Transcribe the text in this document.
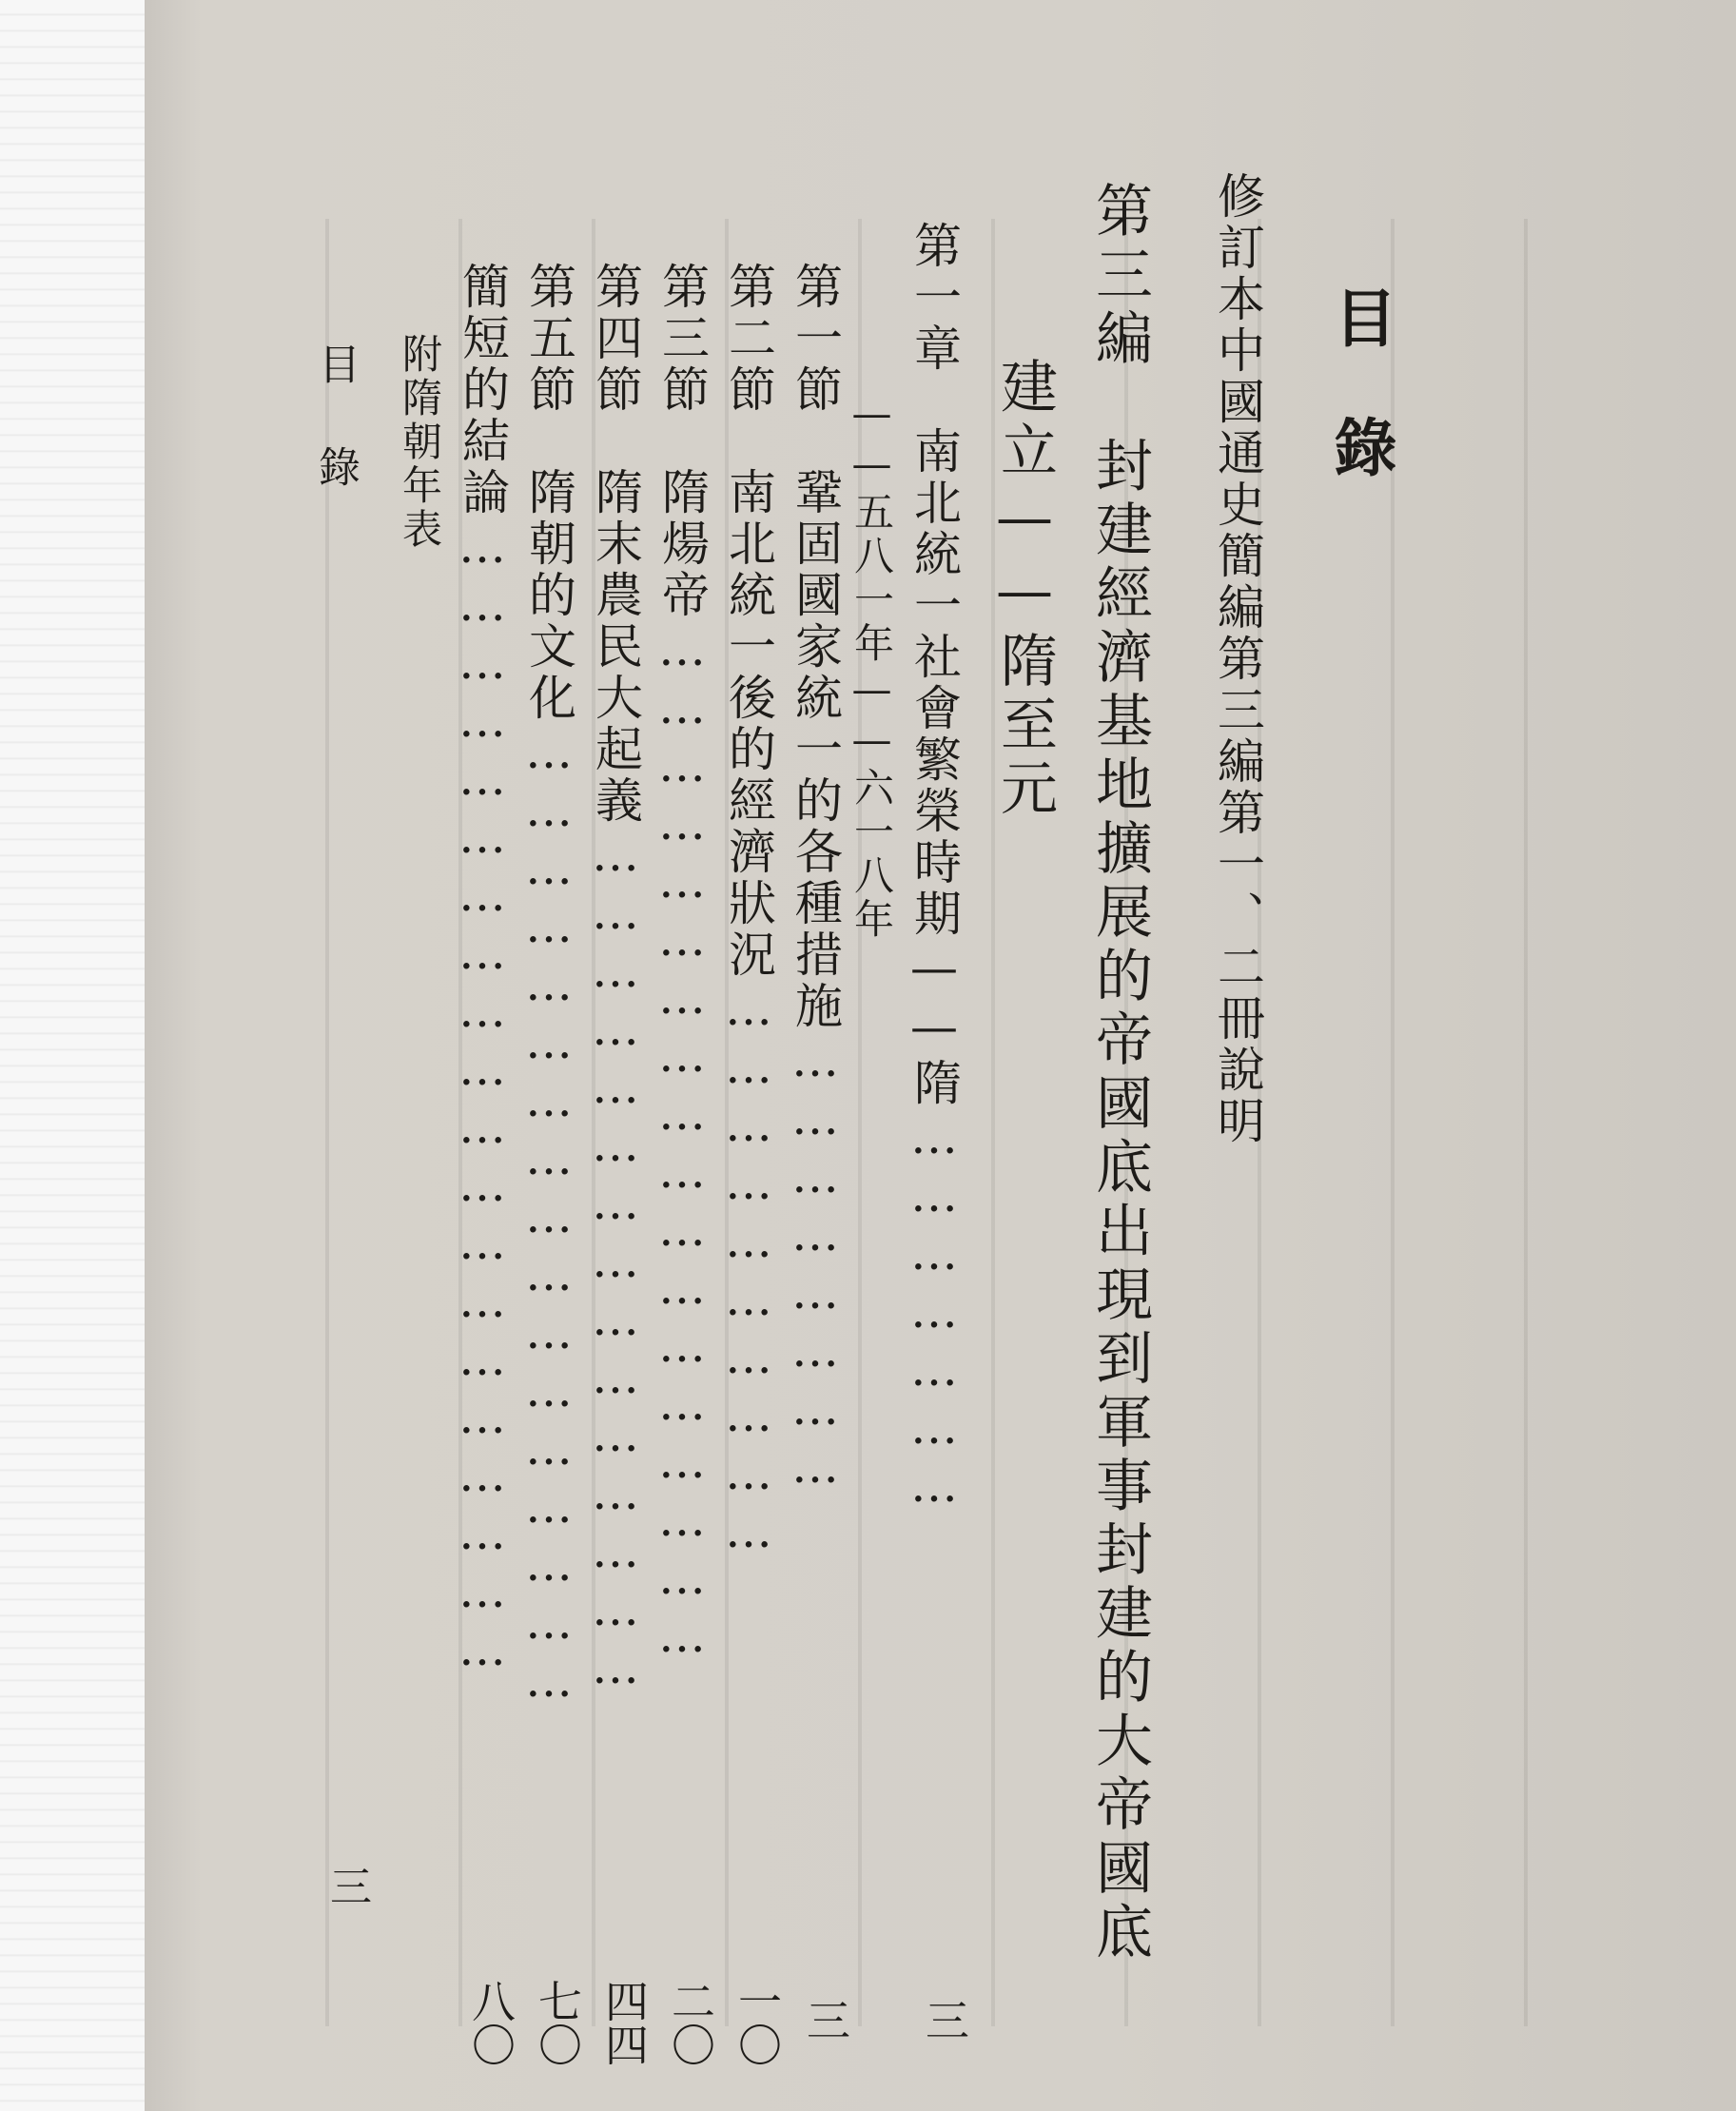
目錄
修訂本中國通史簡編第三編第一、二冊說明
第三編　封建經濟基地擴展的帝國底出現到軍事封建的大帝國底
建立——隋至元
第一章　南北統一社會繁榮時期——隋…………………
三
——五八一年——六一八年
第一節　鞏固國家統一的各種措施……………………
三
第二節　南北統一後的經濟狀況…………………………
一〇
第三節　隋煬帝………………………………………………
二〇
第四節　隋末農民大起義………………………………………
四四
第五節　隋朝的文化……………………………………………
七〇
簡短的結論……………………………………………………
八〇
附隋朝年表
目　錄
三
